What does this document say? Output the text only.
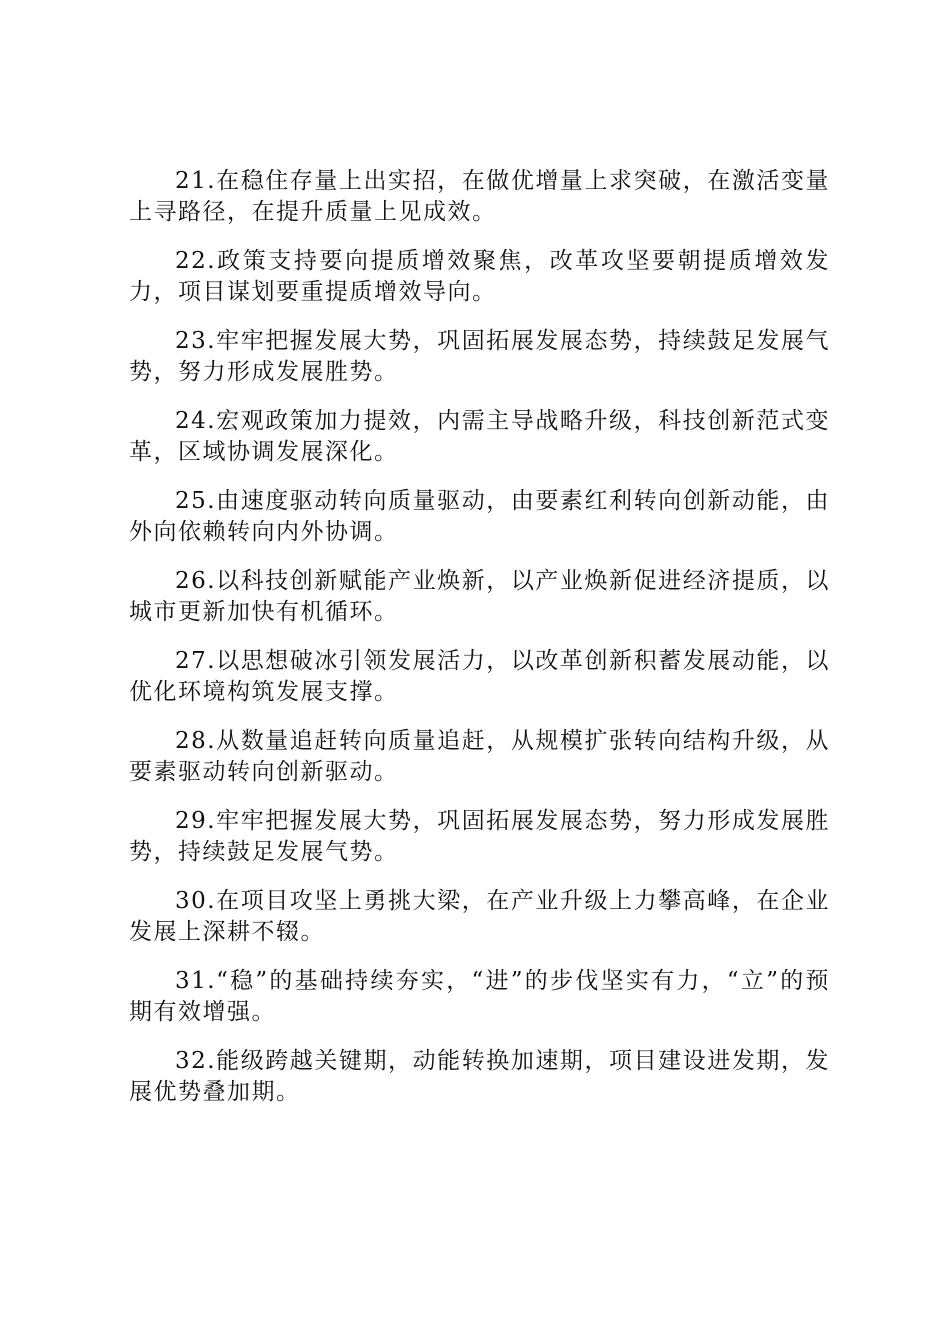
21.在稳住存量上出实招，在做优增量上求突破，在激活变量上寻路径，在提升质量上见成效。

22.政策支持要向提质增效聚焦，改革攻坚要朝提质增效发力，项目谋划要重提质增效导向。

23.牢牢把握发展大势，巩固拓展发展态势，持续鼓足发展气势，努力形成发展胜势。

24.宏观政策加力提效，内需主导战略升级，科技创新范式变革，区域协调发展深化。

25.由速度驱动转向质量驱动，由要素红利转向创新动能，由外向依赖转向内外协调。

26.以科技创新赋能产业焕新，以产业焕新促进经济提质，以城市更新加快有机循环。

27.以思想破冰引领发展活力，以改革创新积蓄发展动能，以优化环境构筑发展支撑。

28.从数量追赶转向质量追赶，从规模扩张转向结构升级，从要素驱动转向创新驱动。

29.牢牢把握发展大势，巩固拓展发展态势，努力形成发展胜势，持续鼓足发展气势。

30.在项目攻坚上勇挑大梁，在产业升级上力攀高峰，在企业发展上深耕不辍。

31.“稳”的基础持续夯实，“进”的步伐坚实有力，“立”的预期有效增强。

32.能级跨越关键期，动能转换加速期，项目建设进发期，发展优势叠加期。
